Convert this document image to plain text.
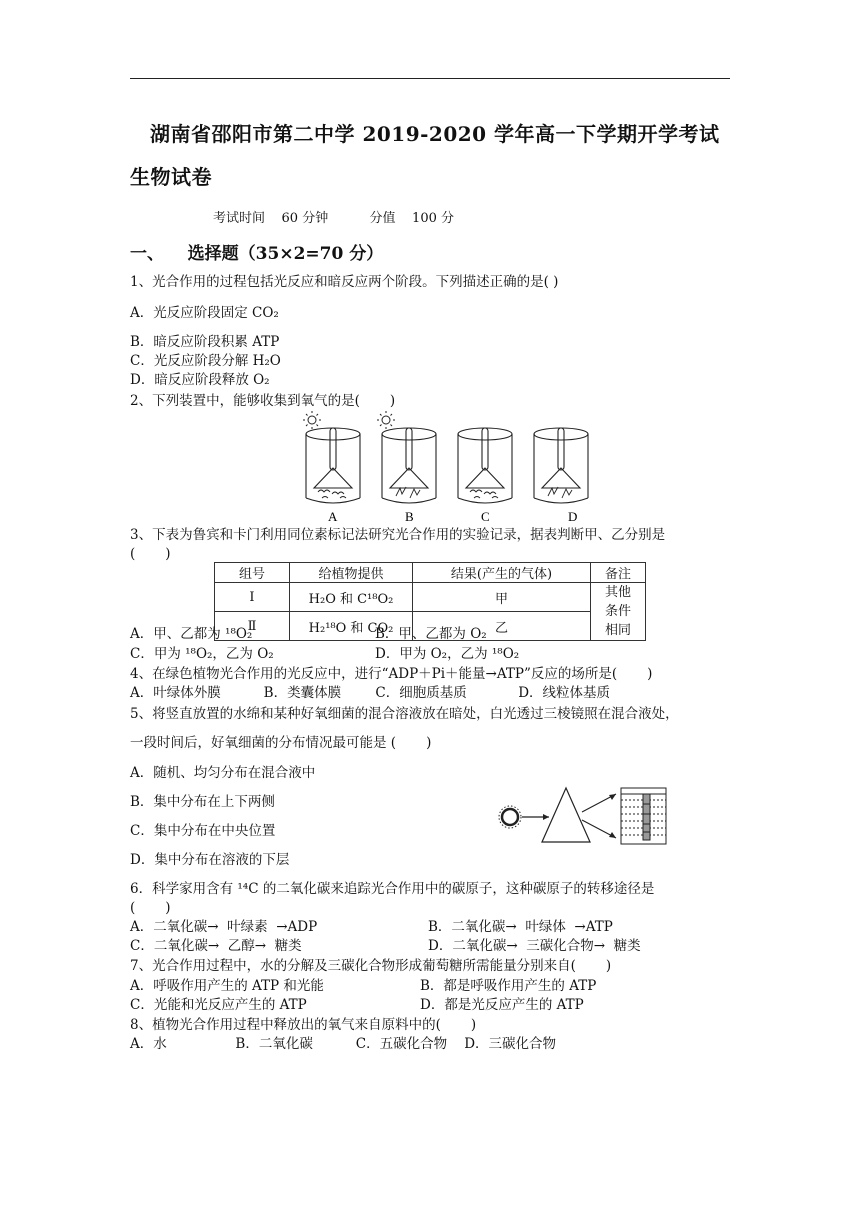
湖南省邵阳市第二中学 2019-2020 学年高一下学期开学考试
生物试卷
考试时间    60 分钟          分值    100 分
一、    选择题（35×2=70 分）
1、光合作用的过程包括光反应和暗反应两个阶段。下列描述正确的是( )
A．光反应阶段固定 CO₂
B．暗反应阶段积累 ATP
C．光反应阶段分解 H₂O
D．暗反应阶段释放 O₂
2、下列装置中，能够收集到氧气的是(       )
A	B	C	D
3、下表为鲁宾和卡门利用同位素标记法研究光合作用的实验记录，据表判断甲、乙分别是
(       )
组号	给植物提供	结果(产生的气体)	备注
Ⅰ	H₂O 和 C¹⁸O₂	甲	其他条件相同
Ⅱ	H₂¹⁸O 和 CO₂	乙	
A．甲、乙都为 ¹⁸O₂	B．甲、乙都为 O₂
C．甲为 ¹⁸O₂，乙为 O₂	D．甲为 O₂，乙为 ¹⁸O₂
4、在绿色植物光合作用的光反应中，进行“ADP＋Pi＋能量→ATP”反应的场所是(       )
A．叶绿体外膜          B．类囊体膜        C．细胞质基质            D．线粒体基质
5、将竖直放置的水绵和某种好氧细菌的混合溶液放在暗处，白光透过三棱镜照在混合液处，
一段时间后，好氧细菌的分布情况最可能是 (       )
A．随机、均匀分布在混合液中
B．集中分布在上下两侧
C．集中分布在中央位置
D．集中分布在溶液的下层
6．科学家用含有 ¹⁴C 的二氧化碳来追踪光合作用中的碳原子，这种碳原子的转移途径是
(       )
A．二氧化碳→  叶绿素  →ADP	B．二氧化碳→  叶绿体  →ATP
C．二氧化碳→  乙醇→  糖类	D．二氧化碳→  三碳化合物→  糖类
7、光合作用过程中，水的分解及三碳化合物形成葡萄糖所需能量分别来自(       )
A．呼吸作用产生的 ATP 和光能	B．都是呼吸作用产生的 ATP
C．光能和光反应产生的 ATP	D．都是光反应产生的 ATP
8、植物光合作用过程中释放出的氧气来自原料中的(       )
A．水                B．二氧化碳          C．五碳化合物    D．三碳化合物
